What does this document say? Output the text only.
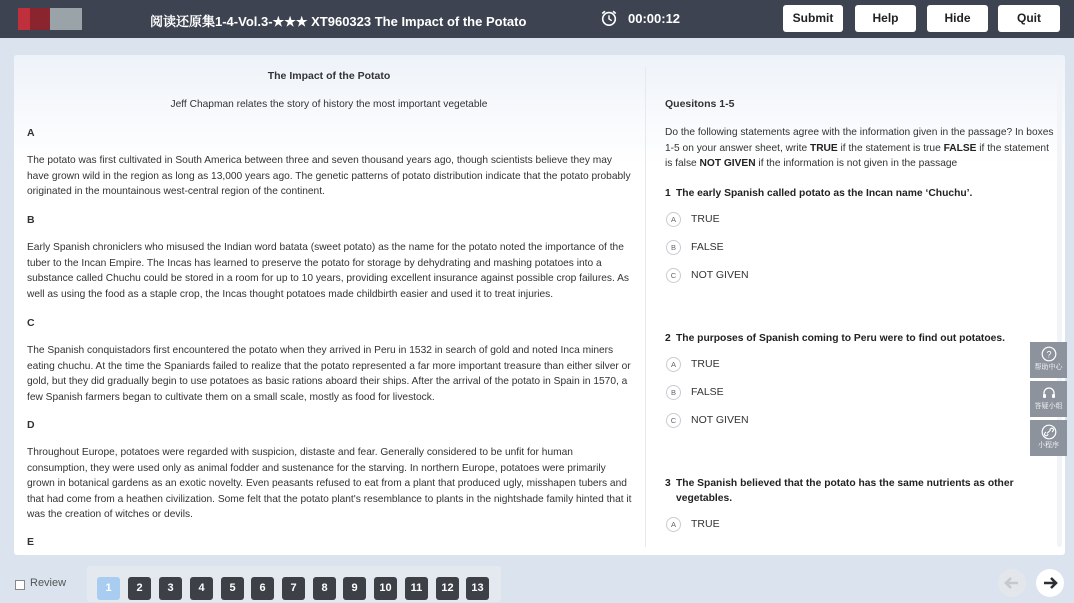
阅读还原集1-4-Vol.3-★★★ XT960323 The Impact of the Potato	00:00:12	Submit	Help	Hide	Quit
The Impact of the Potato
Jeff Chapman relates the story of history the most important vegetable
A

The potato was first cultivated in South America between three and seven thousand years ago, though scientists believe they may have grown wild in the region as long as 13,000 years ago. The genetic patterns of potato distribution indicate that the potato probably originated in the mountainous west-central region of the continent.

B

Early Spanish chroniclers who misused the Indian word batata (sweet potato) as the name for the potato noted the importance of the tuber to the Incan Empire. The Incas has learned to preserve the potato for storage by dehydrating and mashing potatoes into a substance called Chuchu could be stored in a room for up to 10 years, providing excellent insurance against possible crop failures. As well as using the food as a staple crop, the Incas thought potatoes made childbirth easier and used it to treat injuries.

C

The Spanish conquistadors first encountered the potato when they arrived in Peru in 1532 in search of gold and noted Inca miners eating chuchu. At the time the Spaniards failed to realize that the potato represented a far more important treasure than either silver or gold, but they did gradually begin to use potatoes as basic rations aboard their ships. After the arrival of the potato in Spain in 1570, a few Spanish farmers began to cultivate them on a small scale, mostly as food for livestock.

D

Throughout Europe, potatoes were regarded with suspicion, distaste and fear. Generally considered to be unfit for human consumption, they were used only as animal fodder and sustenance for the starving. In northern Europe, potatoes were primarily grown in botanical gardens as an exotic novelty. Even peasants refused to eat from a plant that produced ugly, misshapen tubers and that had come from a heathen civilization. Some felt that the potato plant's resemblance to plants in the nightshade family hinted that it was the creation of witches or devils.

E
Quesitons 1-5

Do the following statements agree with the information given in the passage? In boxes 1-5 on your answer sheet, write TRUE if the statement is true FALSE if the statement is false NOT GIVEN if the information is not given in the passage

1 The early Spanish called potato as the Incan name ‘Chuchu’.
A TRUE
B FALSE
C NOT GIVEN
2 The purposes of Spanish coming to Peru were to find out potatoes.
A TRUE
B FALSE
C NOT GIVEN
3 The Spanish believed that the potato has the same nutrients as other vegetables.
A TRUE
?
帮助中心
答疑小组
小程序
Review	1	2	3	4	5	6	7	8	9	10	11	12	13
